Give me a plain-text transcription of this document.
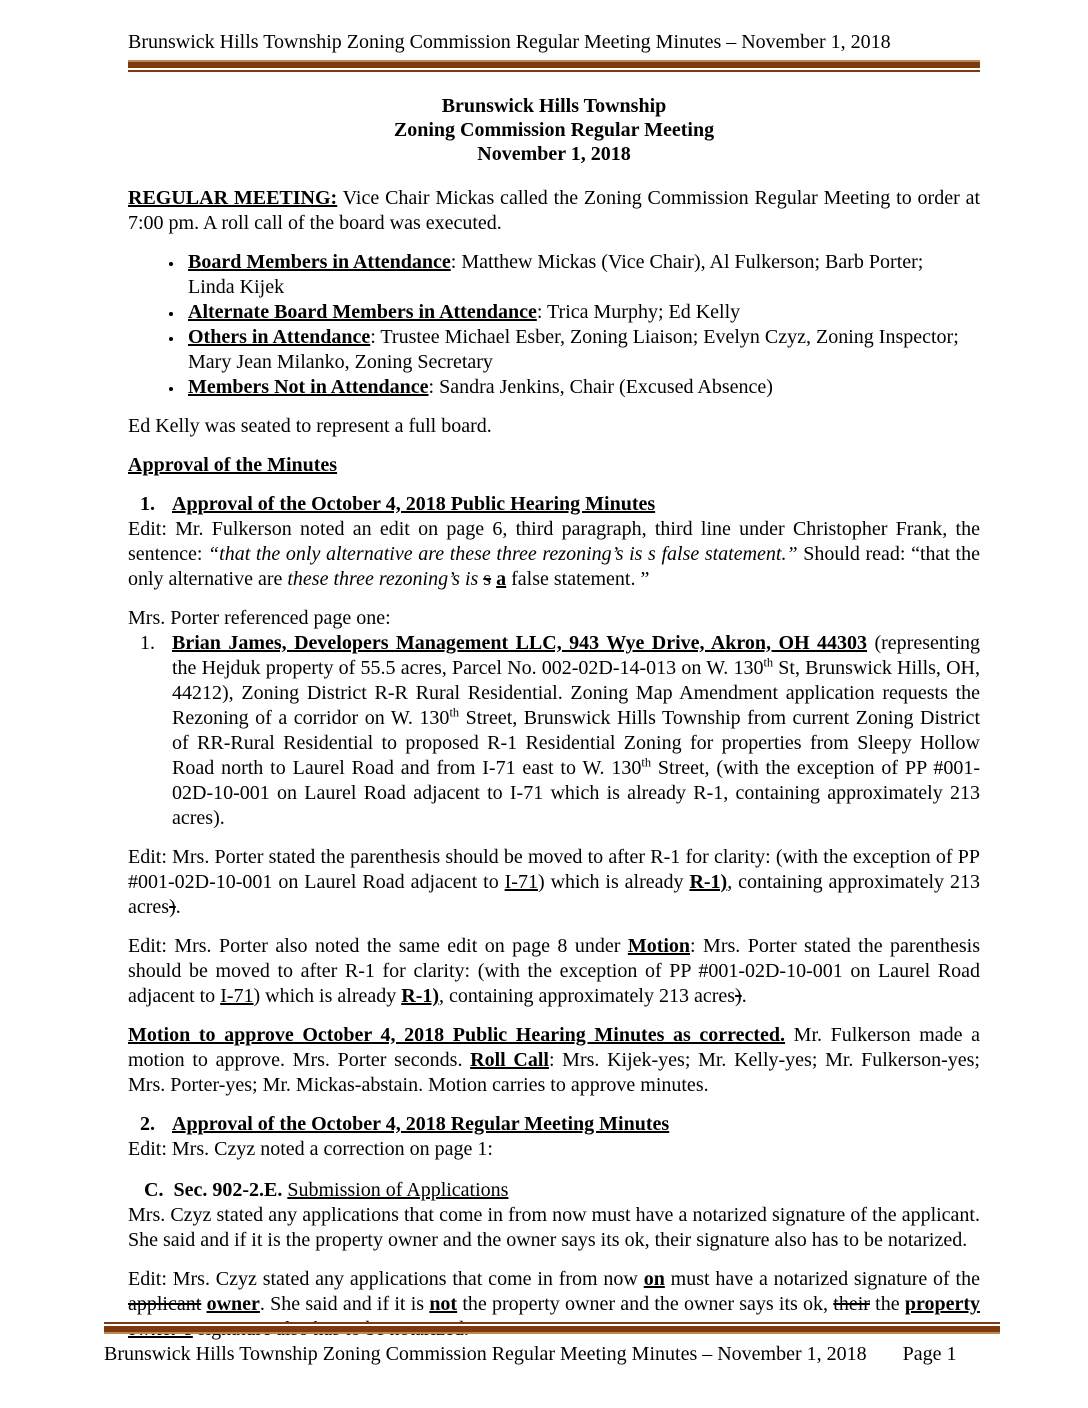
Brunswick Hills Township Zoning Commission Regular Meeting Minutes – November 1, 2018
Brunswick Hills Township
Zoning Commission Regular Meeting
November 1, 2018

REGULAR MEETING: Vice Chair Mickas called the Zoning Commission Regular Meeting to order at 7:00 pm. A roll call of the board was executed.

• Board Members in Attendance: Matthew Mickas (Vice Chair), Al Fulkerson; Barb Porter;
Linda Kijek
• Alternate Board Members in Attendance: Trica Murphy; Ed Kelly
• Others in Attendance: Trustee Michael Esber, Zoning Liaison; Evelyn Czyz, Zoning Inspector; Mary Jean Milanko, Zoning Secretary
• Members Not in Attendance: Sandra Jenkins, Chair (Excused Absence)

Ed Kelly was seated to represent a full board.

Approval of the Minutes

1. Approval of the October 4, 2018 Public Hearing Minutes

Edit: Mr. Fulkerson noted an edit on page 6, third paragraph, third line under Christopher Frank, the sentence: “that the only alternative are these three rezoning’s is s false statement.” Should read: “that the only alternative are these three rezoning’s is s a false statement. ”

Mrs. Porter referenced page one:

1. Brian James, Developers Management LLC, 943 Wye Drive, Akron, OH 44303 (representing the Hejduk property of 55.5 acres, Parcel No. 002-02D-14-013 on W. 130th St, Brunswick Hills, OH, 44212), Zoning District R-R Rural Residential. Zoning Map Amendment application requests the Rezoning of a corridor on W. 130th Street, Brunswick Hills Township from current Zoning District of RR-Rural Residential to proposed R-1 Residential Zoning for properties from Sleepy Hollow Road north to Laurel Road and from I-71 east to W. 130th Street, (with the exception of PP #001-02D-10-001 on Laurel Road adjacent to I-71 which is already R-1, containing approximately 213 acres).

Edit: Mrs. Porter stated the parenthesis should be moved to after R-1 for clarity: (with the exception of PP #001-02D-10-001 on Laurel Road adjacent to I-71) which is already R-1), containing approximately 213 acres).

Edit: Mrs. Porter also noted the same edit on page 8 under Motion: Mrs. Porter stated the parenthesis should be moved to after R-1 for clarity: (with the exception of PP #001-02D-10-001 on Laurel Road adjacent to I-71) which is already R-1), containing approximately 213 acres).

Motion to approve October 4, 2018 Public Hearing Minutes as corrected. Mr. Fulkerson made a motion to approve. Mrs. Porter seconds. Roll Call: Mrs. Kijek-yes; Mr. Kelly-yes; Mr. Fulkerson-yes; Mrs. Porter-yes; Mr. Mickas-abstain. Motion carries to approve minutes.

2. Approval of the October 4, 2018 Regular Meeting Minutes

Edit: Mrs. Czyz noted a correction on page 1:

C.  Sec. 902-2.E. Submission of Applications

Mrs. Czyz stated any applications that come in from now must have a notarized signature of the applicant. She said and if it is the property owner and the owner says its ok, their signature also has to be notarized.

Edit: Mrs. Czyz stated any applications that come in from now on must have a notarized signature of the applicant owner. She said and if it is not the property owner and the owner says its ok, their the property

Brunswick Hills Township Zoning Commission Regular Meeting Minutes – November 1, 2018 Page 1
